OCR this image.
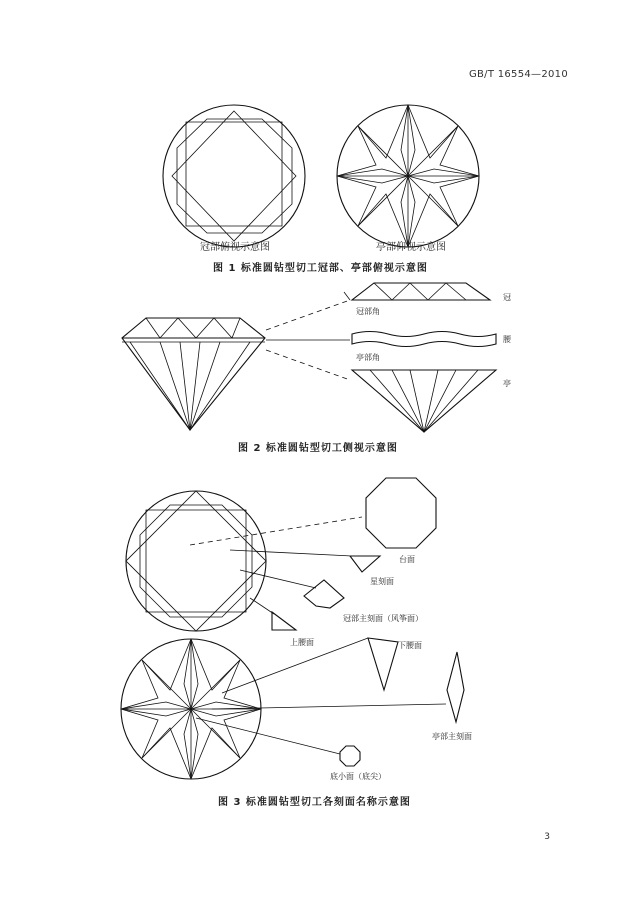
GB/T 16554—2010
冠部俯视示意图	亭部仰视示意图
图 1 标准圆钻型切工冠部、亭部俯视示意图
冠部角
亭部角
冠
腰
亭
图 2 标准圆钻型切工侧视示意图
台面
星刻面
冠部主刻面（风筝面）
上腰面	下腰面
亭部主刻面
底小面（底尖）
图 3 标准圆钻型切工各刻面名称示意图
3
